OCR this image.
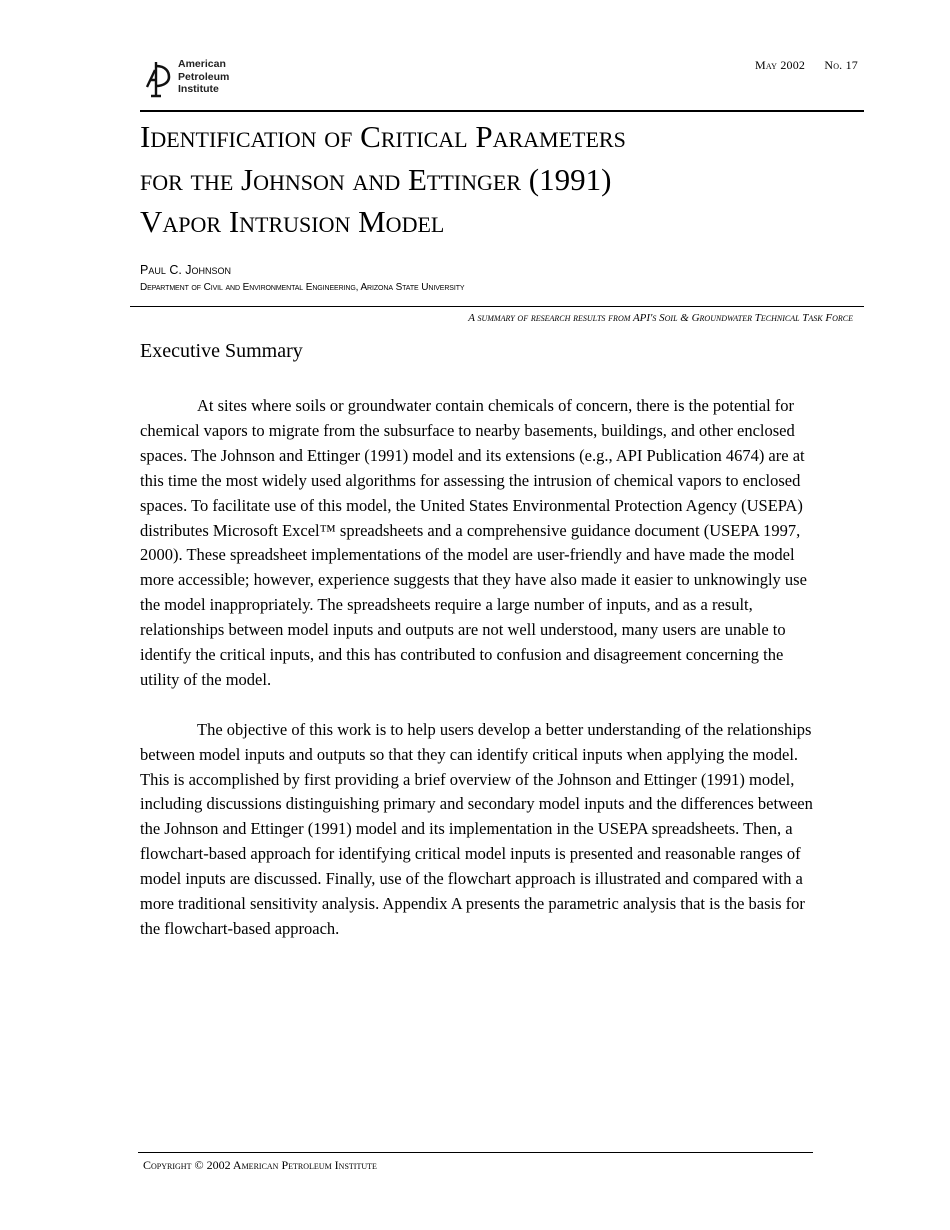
American
Petroleum
Institute
May 2002 No. 17
Identification of Critical Parameters
for the Johnson and Ettinger (1991)
Vapor Intrusion Model
Paul C. Johnson
Department of Civil and Environmental Engineering, Arizona State University
A summary of research results from API's Soil & Groundwater Technical Task Force
Executive Summary

At sites where soils or groundwater contain chemicals of concern, there is the potential for chemical vapors to migrate from the subsurface to nearby basements, buildings, and other enclosed spaces. The Johnson and Ettinger (1991) model and its extensions (e.g., API Publication 4674) are at this time the most widely used algorithms for assessing the intrusion of chemical vapors to enclosed spaces. To facilitate use of this model, the United States Environmental Protection Agency (USEPA) distributes Microsoft Excel™ spreadsheets and a comprehensive guidance document (USEPA 1997, 2000). These spreadsheet implementations of the model are user-friendly and have made the model more accessible; however, experience suggests that they have also made it easier to unknowingly use the model inappropriately. The spreadsheets require a large number of inputs, and as a result, relationships between model inputs and outputs are not well understood, many users are unable to identify the critical inputs, and this has contributed to confusion and disagreement concerning the utility of the model.

The objective of this work is to help users develop a better understanding of the relationships between model inputs and outputs so that they can identify critical inputs when applying the model. This is accomplished by first providing a brief overview of the Johnson and Ettinger (1991) model, including discussions distinguishing primary and secondary model inputs and the differences between the Johnson and Ettinger (1991) model and its implementation in the USEPA spreadsheets. Then, a flowchart-based approach for identifying critical model inputs is presented and reasonable ranges of model inputs are discussed. Finally, use of the flowchart approach is illustrated and compared with a more traditional sensitivity analysis. Appendix A presents the parametric analysis that is the basis for the flowchart-based approach.

Copyright © 2002 American Petroleum Institute
